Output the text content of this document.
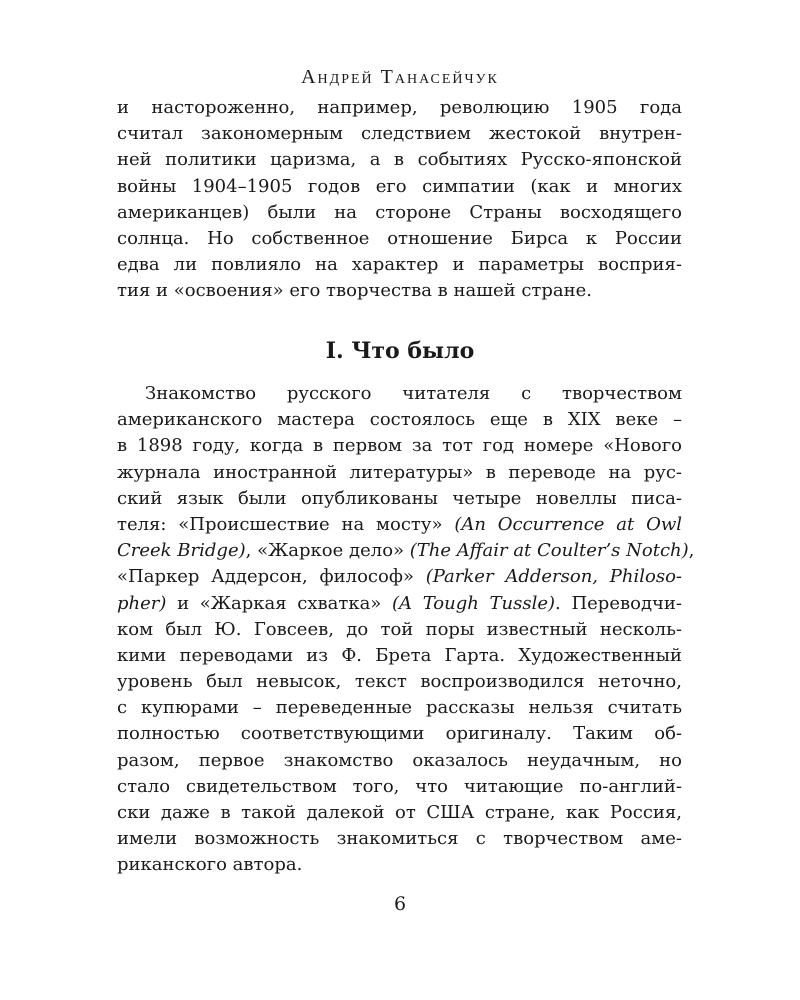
Андрей Танасейчук
и настороженно, например, революцию 1905 года
считал закономерным следствием жестокой внутрен-
ней политики царизма, а в событиях Русско-японской
войны 1904–1905 годов его симпатии (как и многих
американцев) были на стороне Страны восходящего
солнца. Но собственное отношение Бирса к России
едва ли повлияло на характер и параметры восприя-
тия и «освоения» его творчества в нашей стране.
I. Что было
Знакомство русского читателя с творчеством
американского мастера состоялось еще в XIX веке –
в 1898 году, когда в первом за тот год номере «Нового
журнала иностранной литературы» в переводе на рус-
ский язык были опубликованы четыре новеллы писа-
теля: «Происшествие на мосту» (An Occurrence at Owl
Creek Bridge), «Жаркое дело» (The Affair at Coulter’s Notch),
«Паркер Аддерсон, философ» (Parker Adderson, Philoso-
pher) и «Жаркая схватка» (A Tough Tussle). Переводчи-
ком был Ю. Говсеев, до той поры известный несколь-
кими переводами из Ф. Брета Гарта. Художественный
уровень был невысок, текст воспроизводился неточно,
с купюрами – переведенные рассказы нельзя считать
полностью соответствующими оригиналу. Таким об-
разом, первое знакомство оказалось неудачным, но
стало свидетельством того, что читающие по-англий-
ски даже в такой далекой от США стране, как Россия,
имели возможность знакомиться с творчеством аме-
риканского автора.
6
